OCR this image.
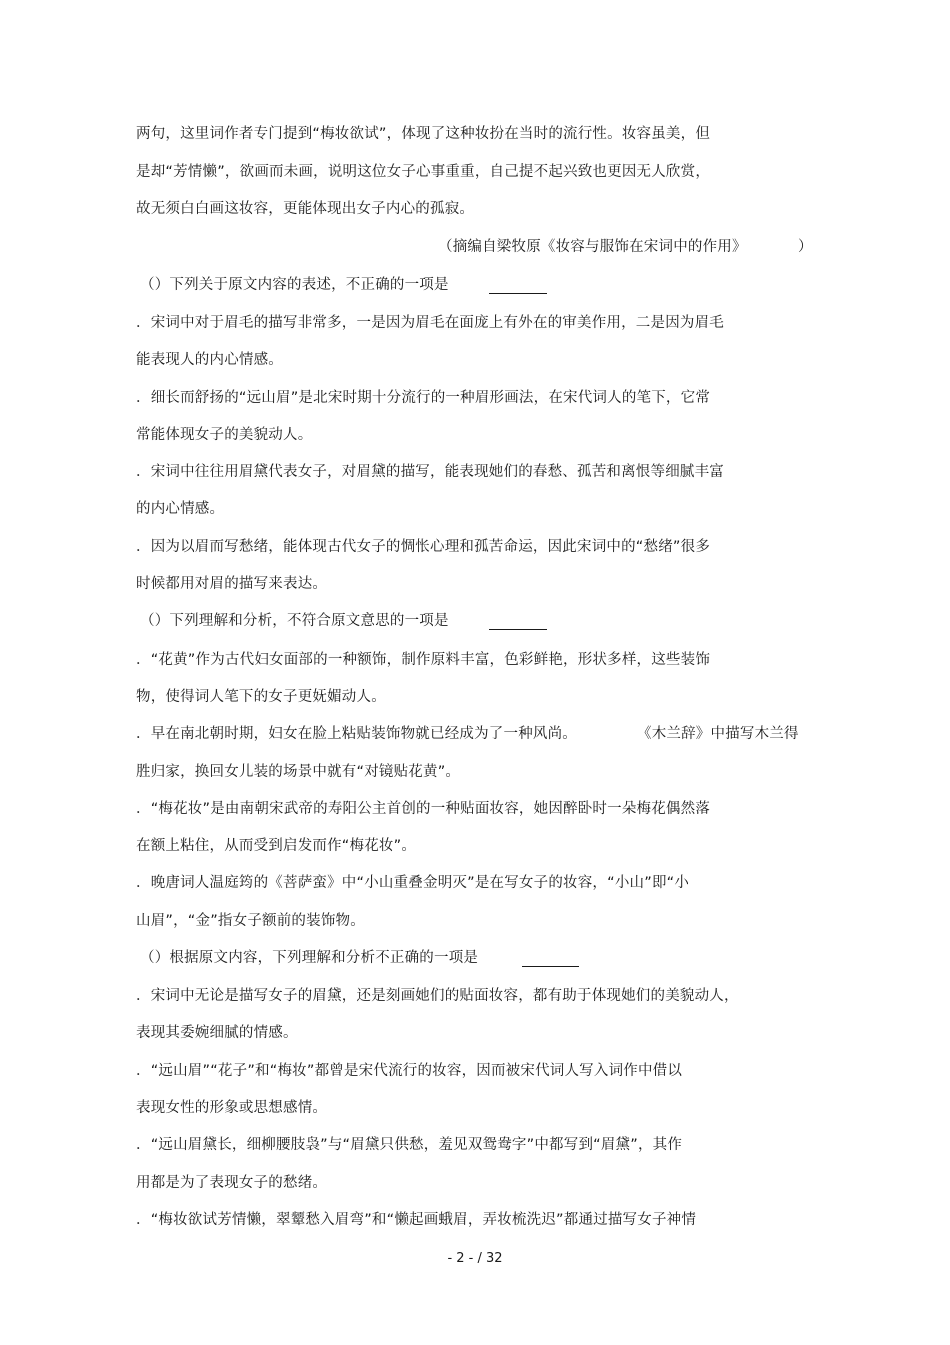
两句，这里词作者专门提到“梅妆欲试”，体现了这种妆扮在当时的流行性。妆容虽美，但
是却“芳情懒”，欲画而未画，说明这位女子心事重重，自己提不起兴致也更因无人欣赏，
故无须白白画这妆容，更能体现出女子内心的孤寂。
（摘编自梁牧原《妆容与服饰在宋词中的作用》	）
（）下列关于原文内容的表述，不正确的一项是
．宋词中对于眉毛的描写非常多，一是因为眉毛在面庞上有外在的审美作用，二是因为眉毛
能表现人的内心情感。
．细长而舒扬的“远山眉”是北宋时期十分流行的一种眉形画法，在宋代词人的笔下，它常
常能体现女子的美貌动人。
．宋词中往往用眉黛代表女子，对眉黛的描写，能表现她们的春愁、孤苦和离恨等细腻丰富
的内心情感。
．因为以眉而写愁绪，能体现古代女子的惆怅心理和孤苦命运，因此宋词中的“愁绪”很多
时候都用对眉的描写来表达。
（）下列理解和分析，不符合原文意思的一项是
．“花黄”作为古代妇女面部的一种额饰，制作原料丰富，色彩鲜艳，形状多样，这些装饰
物，使得词人笔下的女子更妩媚动人。
．早在南北朝时期，妇女在脸上粘贴装饰物就已经成为了一种风尚。	《木兰辞》中描写木兰得
胜归家，换回女儿装的场景中就有“对镜贴花黄”。
．“梅花妆”是由南朝宋武帝的寿阳公主首创的一种贴面妆容，她因醉卧时一朵梅花偶然落
在额上粘住，从而受到启发而作“梅花妆”。
．晚唐词人温庭筠的《菩萨蛮》中“小山重叠金明灭”是在写女子的妆容，“小山”即“小
山眉”，“金”指女子额前的装饰物。
（）根据原文内容，下列理解和分析不正确的一项是
．宋词中无论是描写女子的眉黛，还是刻画她们的贴面妆容，都有助于体现她们的美貌动人，
表现其委婉细腻的情感。
．“远山眉”“花子”和“梅妆”都曾是宋代流行的妆容，因而被宋代词人写入词作中借以
表现女性的形象或思想感情。
．“远山眉黛长，细柳腰肢袅”与“眉黛只供愁，羞见双鸳鸯字”中都写到“眉黛”，其作
用都是为了表现女子的愁绪。
．“梅妆欲试芳情懒，翠颦愁入眉弯”和“懒起画蛾眉，弄妆梳洗迟”都通过描写女子神情
- 2 - / 32
